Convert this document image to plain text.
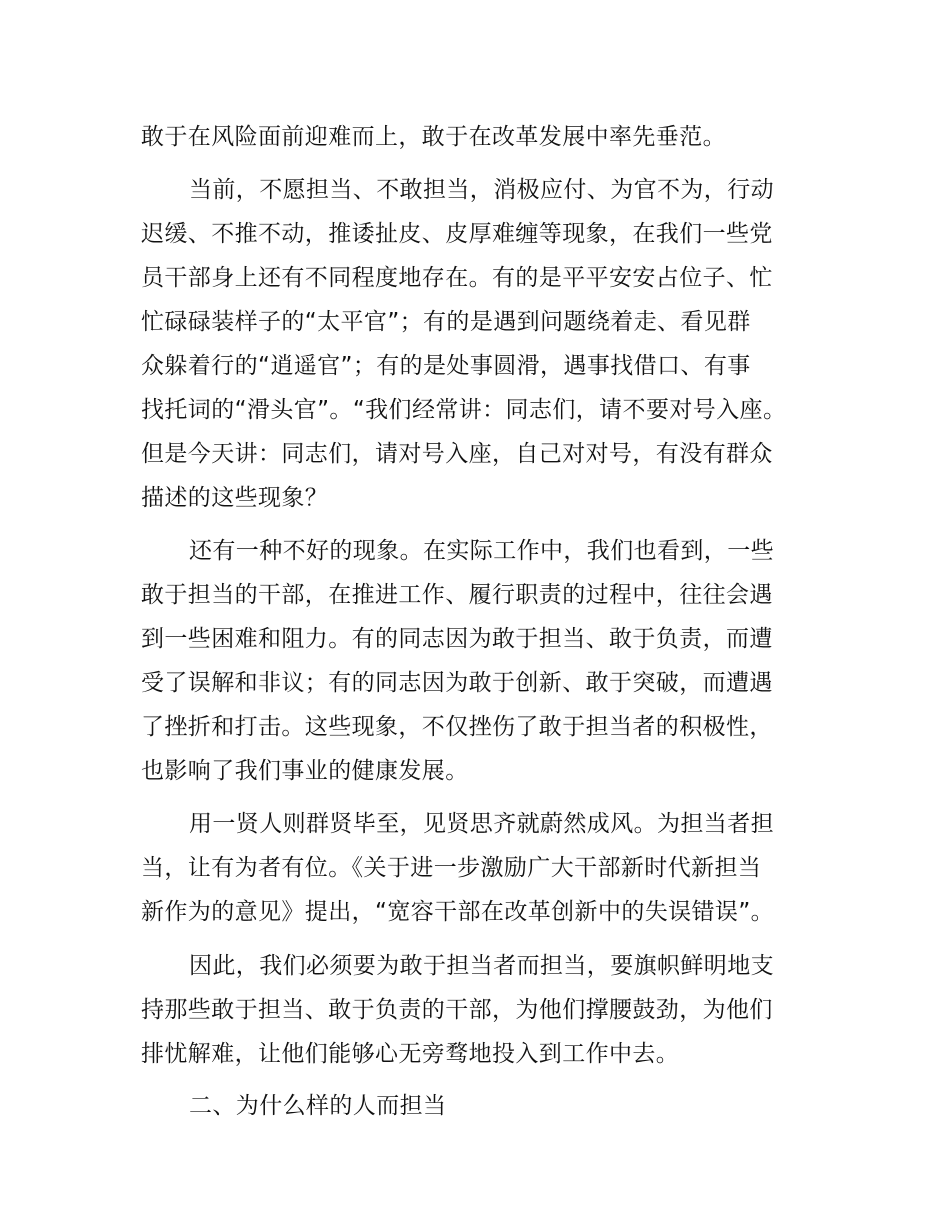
敢于在风险面前迎难而上，敢于在改革发展中率先垂范。
当前，不愿担当、不敢担当，消极应付、为官不为，行动
迟缓、不推不动，推诿扯皮、皮厚难缠等现象，在我们一些党
员干部身上还有不同程度地存在。有的是平平安安占位子、忙
忙碌碌装样子的“太平官”；有的是遇到问题绕着走、看见群
众躲着行的“逍遥官”；有的是处事圆滑，遇事找借口、有事
找托词的“滑头官”。“我们经常讲：同志们，请不要对号入座。
但是今天讲：同志们，请对号入座，自己对对号，有没有群众
描述的这些现象？
还有一种不好的现象。在实际工作中，我们也看到，一些
敢于担当的干部，在推进工作、履行职责的过程中，往往会遇
到一些困难和阻力。有的同志因为敢于担当、敢于负责，而遭
受了误解和非议；有的同志因为敢于创新、敢于突破，而遭遇
了挫折和打击。这些现象，不仅挫伤了敢于担当者的积极性，
也影响了我们事业的健康发展。
用一贤人则群贤毕至，见贤思齐就蔚然成风。为担当者担
当，让有为者有位。《关于进一步激励广大干部新时代新担当
新作为的意见》提出，“宽容干部在改革创新中的失误错误”。
因此，我们必须要为敢于担当者而担当，要旗帜鲜明地支
持那些敢于担当、敢于负责的干部，为他们撑腰鼓劲，为他们
排忧解难，让他们能够心无旁骛地投入到工作中去。
二、为什么样的人而担当
